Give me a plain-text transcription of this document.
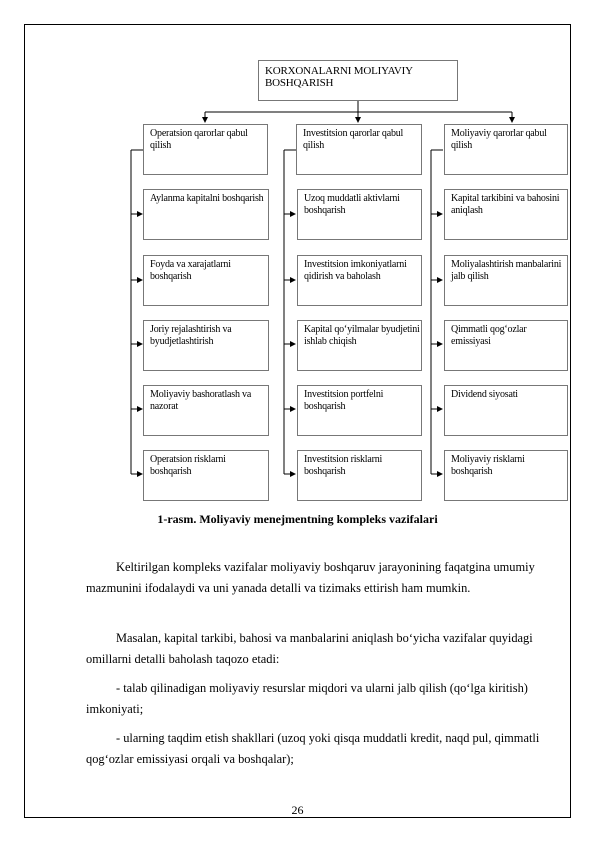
KORXONALARNI MOLIYAVIY BOSHQARISH
Operatsion qarorlar qabul qilish
Aylanma kapitalni boshqarish
Foyda va xarajatlarni boshqarish
Joriy rejalashtirish va byudjetlashtirish
Moliyaviy bashoratlash va nazorat
Operatsion risklarni boshqarish
Investitsion qarorlar qabul qilish
Uzoq muddatli aktivlarni boshqarish
Investitsion imkoniyatlarni qidirish va baholash
Kapital qo‘yilmalar byudjetini ishlab chiqish
Investitsion portfelni boshqarish
Investitsion risklarni boshqarish
Moliyaviy qarorlar qabul qilish
Kapital tarkibini va bahosini aniqlash
Moliyalashtirish manbalarini jalb qilish
Qimmatli qog‘ozlar emissiyasi
Dividend siyosati
Moliyaviy risklarni boshqarish
1-rasm. Moliyaviy menejmentning kompleks vazifalari
Keltirilgan kompleks vazifalar moliyaviy boshqaruv jarayonining faqatgina umumiy mazmunini ifodalaydi va uni yanada detalli va tizimaks ettirish ham mumkin.
Masalan, kapital tarkibi, bahosi va manbalarini aniqlash bo‘yicha vazifalar quyidagi omillarni detalli baholash taqozo etadi:
- talab qilinadigan moliyaviy resurslar miqdori va ularni jalb qilish (qo‘lga kiritish) imkoniyati;
- ularning taqdim etish shakllari (uzoq yoki qisqa muddatli kredit, naqd pul, qimmatli qog‘ozlar emissiyasi orqali va boshqalar);
26
